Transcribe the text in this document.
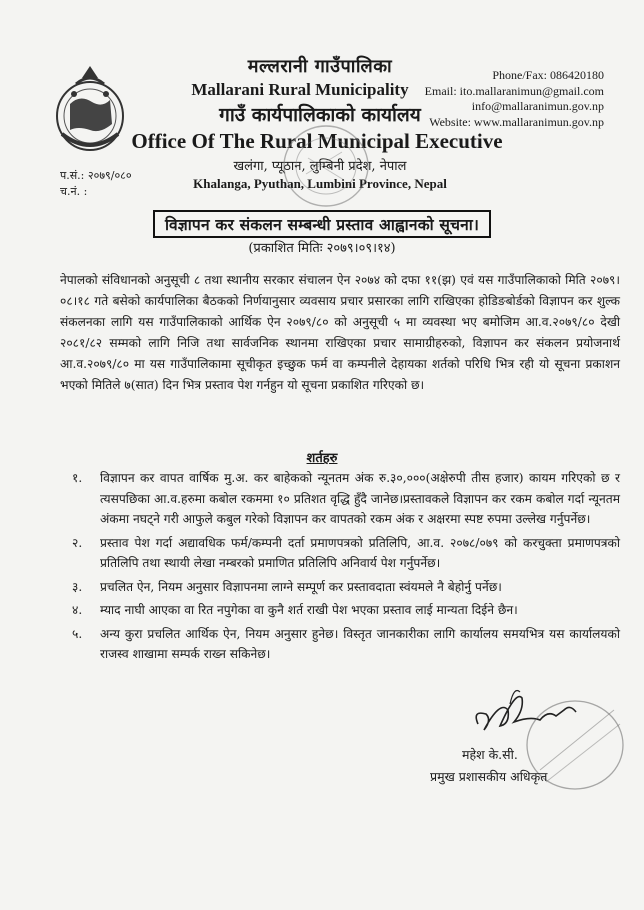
मल्लरानी गाउँपालिका
Mallarani Rural Municipality
गाउँ कार्यपालिकाको कार्यालय
Office Of The Rural Municipal Executive
खलंगा, प्यूठान, लुम्बिनी प्रदेश, नेपाल
Khalanga, Pyuthan, Lumbini Province, Nepal
Phone/Fax: 086420180
Email: ito.mallaranimun@gmail.com
info@mallaranimun.gov.np
Website: www.mallaranimun.gov.np
प.सं.: २०७९/०८०
च.नं. :
विज्ञापन कर संकलन सम्बन्धी प्रस्ताव आह्वानको सूचना।
(प्रकाशित मितिः २०७९।०९।१४)
नेपालको संविधानको अनुसूची ८ तथा स्थानीय सरकार संचालन ऐन २०७४ को दफा ११(झ) एवं यस गाउँपालिकाको मिति २०७९।०८।१८ गते बसेको कार्यपालिका बैठकको निर्णयानुसार व्यवसाय प्रचार प्रसारका लागि राखिएका होडिङबोर्डको विज्ञापन कर शुल्क संकलनका लागि यस गाउँपालिकाको आर्थिक ऐन २०७९/८० को अनुसूची ५ मा व्यवस्था भए बमोजिम आ.व.२०७९/८० देखी २०८१/८२ सम्मको लागि निजि तथा सार्वजनिक स्थानमा राखिएका प्रचार सामाग्रीहरुको, विज्ञापन कर संकलन प्रयोजनार्थ आ.व.२०७९/८० मा यस गाउँपालिकामा सूचीकृत इच्छुक फर्म वा कम्पनीले देहायका शर्तको परिधि भित्र रही यो सूचना प्रकाशन भएको मितिले ७(सात) दिन भित्र प्रस्ताव पेश गर्नहुन यो सूचना प्रकाशित गरिएको छ।
शर्तहरु
१.	विज्ञापन कर वापत वार्षिक मु.अ. कर बाहेकको न्यूनतम अंक रु.३०,०००(अक्षेरुपी तीस हजार) कायम गरिएको छ र त्यसपछिका आ.व.हरुमा कबोल रकममा १० प्रतिशत वृद्धि हुँदै जानेछ।प्रस्तावकले विज्ञापन कर रकम कबोल गर्दा न्यूनतम अंकमा नघट्ने गरी आफुले कबुल गरेको विज्ञापन कर वापतको रकम अंक र अक्षरमा स्पष्ट रुपमा उल्लेख गर्नुपर्नेछ।
२.	प्रस्ताव पेश गर्दा अद्यावधिक फर्म/कम्पनी दर्ता प्रमाणपत्रको प्रतिलिपि, आ.व. २०७८/०७९ को करचुक्ता प्रमाणपत्रको प्रतिलिपि तथा स्थायी लेखा नम्बरको प्रमाणित प्रतिलिपि अनिवार्य पेश गर्नुपर्नेछ।
३.	प्रचलित ऐन, नियम अनुसार विज्ञापनमा लाग्ने सम्पूर्ण कर प्रस्तावदाता स्वंयमले नै बेहोर्नु पर्नेछ।
४.	म्याद नाघी आएका वा रित नपुगेका वा कुनै शर्त राखी पेश भएका प्रस्ताव लाई मान्यता दिईने छैन।
५.	अन्य कुरा प्रचलित आर्थिक ऐन, नियम अनुसार हुनेछ। विस्तृत जानकारीका लागि कार्यालय समयभित्र यस कार्यालयको राजस्व शाखामा सम्पर्क राख्न सकिनेछ।
महेश के.सी.
प्रमुख प्रशासकीय अधिकृत
